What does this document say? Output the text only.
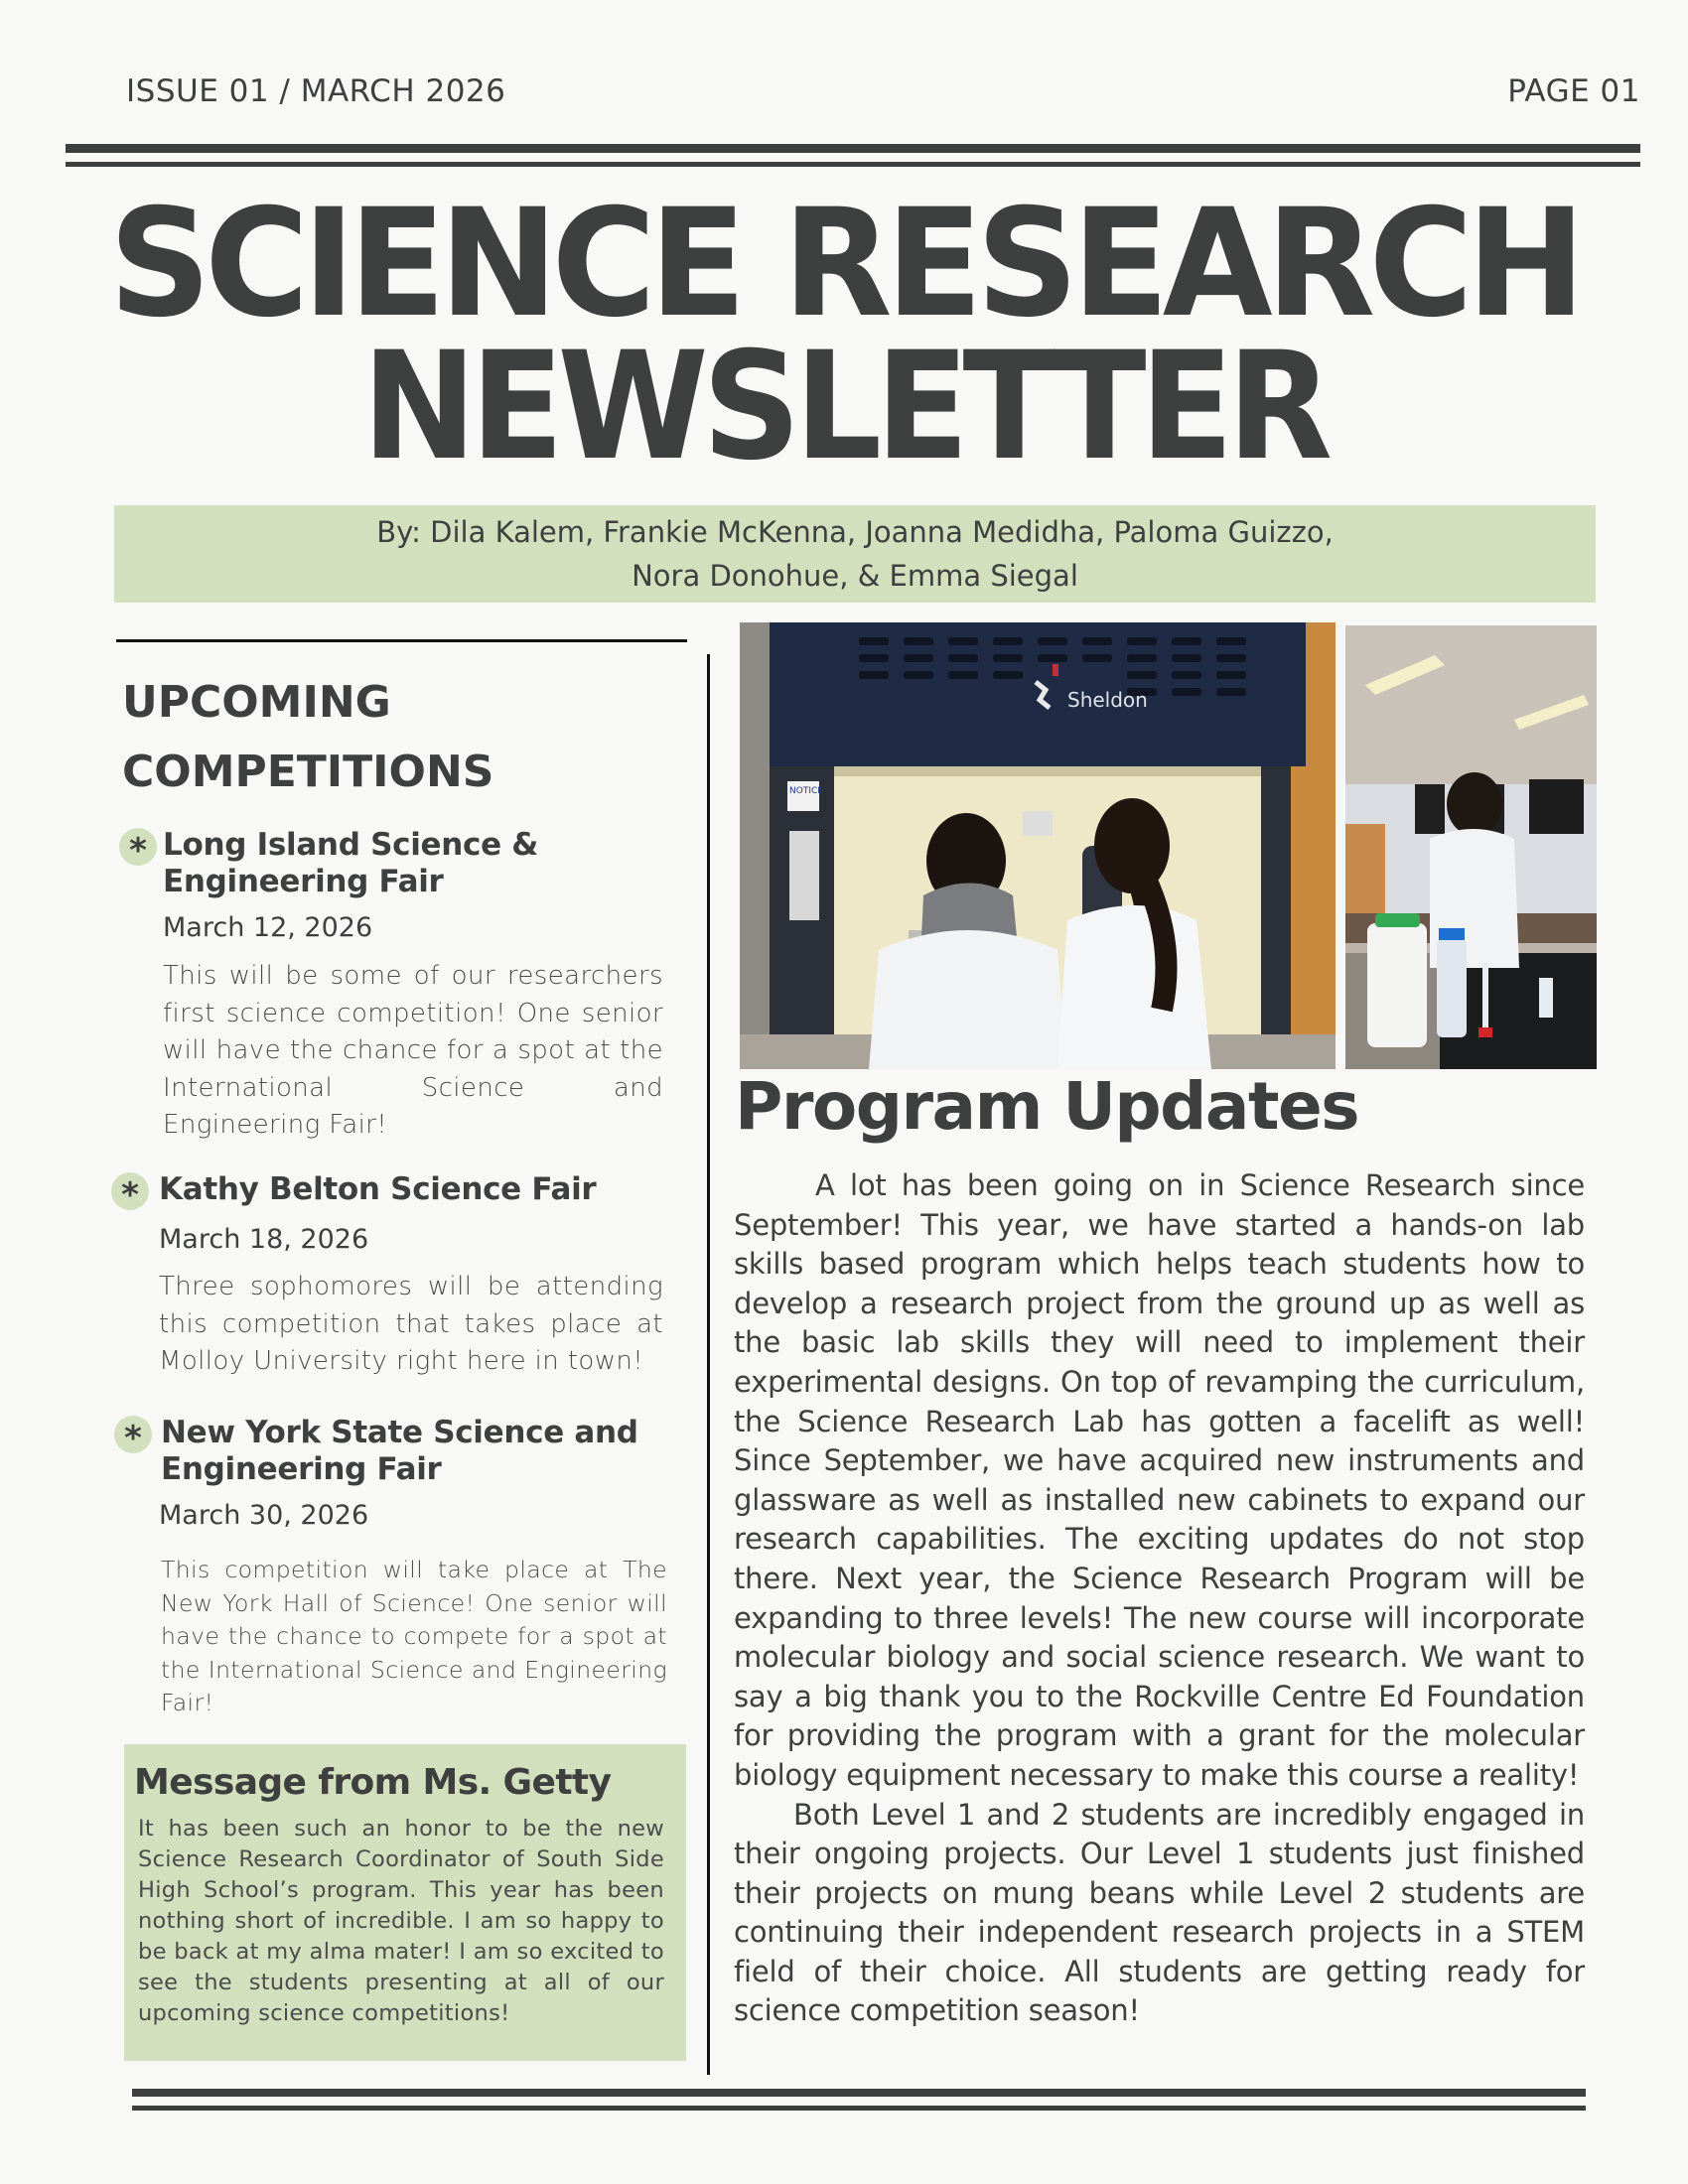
ISSUE 01 / MARCH 2026	PAGE 01
SCIENCE RESEARCH
NEWSLETTER
By: Dila Kalem, Frankie McKenna, Joanna Medidha, Paloma Guizzo,
Nora Donohue, & Emma Siegal
UPCOMING
COMPETITIONS
* Long Island Science &
Engineering Fair
March 12, 2026
This will be some of our researchers first science competition! One senior will have the chance for a spot at the International Science and Engineering Fair!
* Kathy Belton Science Fair
March 18, 2026
Three sophomores will be attending this competition that takes place at Molloy University right here in town!
* New York State Science and
Engineering Fair
March 30, 2026
This competition will take place at The New York Hall of Science! One senior will have the chance to compete for a spot at the International Science and Engineering Fair!
Message from Ms. Getty
It has been such an honor to be the new Science Research Coordinator of South Side High School’s program. This year has been nothing short of incredible. I am so happy to be back at my alma mater! I am so excited to see the students presenting at all of our upcoming science competitions!
Sheldon
NOTICE
Program Updates

A lot has been going on in Science Research since September! This year, we have started a hands-on lab skills based program which helps teach students how to develop a research project from the ground up as well as the basic lab skills they will need to implement their experimental designs. On top of revamping the curriculum, the Science Research Lab has gotten a facelift as well! Since September, we have acquired new instruments and glassware as well as installed new cabinets to expand our research capabilities. The exciting updates do not stop there. Next year, the Science Research Program will be expanding to three levels! The new course will incorporate molecular biology and social science research. We want to say a big thank you to the Rockville Centre Ed Foundation for providing the program with a grant for the molecular biology equipment necessary to make this course a reality!

Both Level 1 and 2 students are incredibly engaged in their ongoing projects. Our Level 1 students just finished their projects on mung beans while Level 2 students are continuing their independent research projects in a STEM field of their choice. All students are getting ready for science competition season!
